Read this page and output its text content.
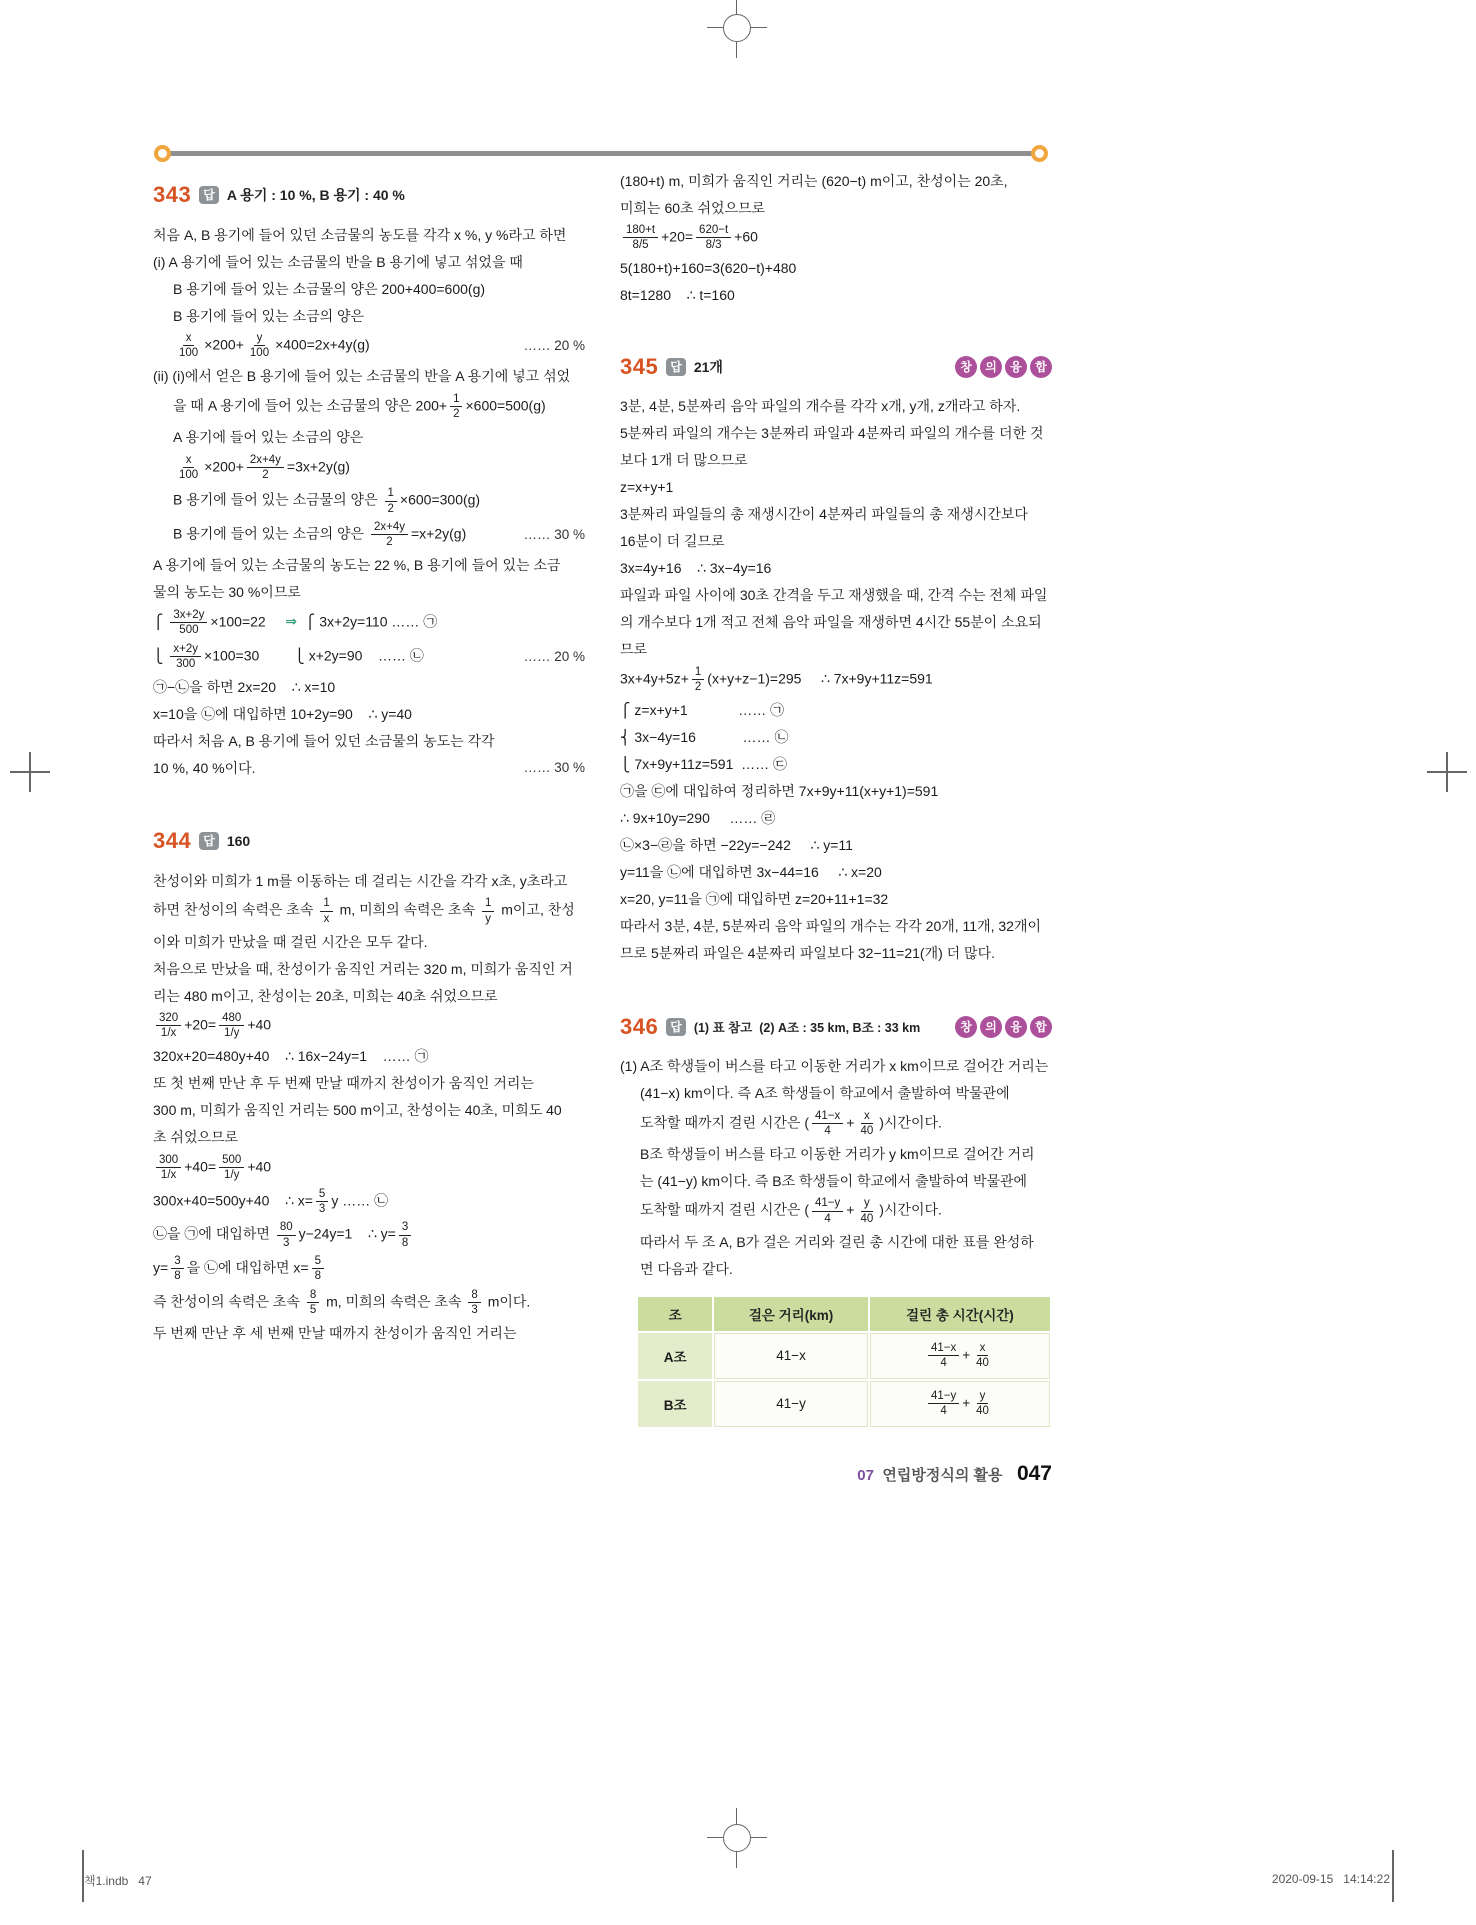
343	답 A 용기 : 10 %, B 용기 : 40 %
처음 A, B 용기에 들어 있던 소금물의 농도를 각각 x %, y %라고 하면
(i) A 용기에 들어 있는 소금물의 반을 B 용기에 넣고 섞었을 때
B 용기에 들어 있는 소금물의 양은 200+400=600(g)
B 용기에 들어 있는 소금의 양은
$\frac{x}{100} \times 200+ \frac{y}{100} \times 400=2x+4y(g)$	…… 20 %
(ii) (i)에서 얻은 B 용기에 들어 있는 소금물의 반을 A 용기에 넣고 섞었
을 때 A 용기에 들어 있는 소금물의 양은 $200+ \frac{1}{2} \times 600=500(g)$
A 용기에 들어 있는 소금의 양은
$\frac{x}{100} \times 200+ \frac{2x+4y}{2} =3x+2y(g)$
B 용기에 들어 있는 소금물의 양은 $\frac{1}{2} \times 600=300(g)$
B 용기에 들어 있는 소금의 양은 $\frac{2x+4y}{2} =x+2y(g)$	…… 30 %
A 용기에 들어 있는 소금물의 농도는 22 %, B 용기에 들어 있는 소금
물의 농도는 30 %이므로
⎧ $\frac{3x+2y}{500} \times 100=22$    ⇒ ⎧ 3x+2y=110 …… ㉠
⎩ $\frac{x+2y}{300} \times 100=30$         ⎩ x+2y=90    …… ㉡	…… 20 %
㉠−㉡을 하면 2x=20    ∴ x=10
x=10을 ㉡에 대입하면 10+2y=90    ∴ y=40
따라서 처음 A, B 용기에 들어 있던 소금물의 농도는 각각
10 %, 40 %이다.	…… 30 %
344	답 160
찬성이와 미희가 1 m를 이동하는 데 걸리는 시간을 각각 x초, y초라고
하면 찬성이의 속력은 초속 $\frac{1}{x} m$, 미희의 속력은 초속 $\frac{1}{y}$ m이고, 찬성
이와 미희가 만났을 때 걸린 시간은 모두 같다.
처음으로 만났을 때, 찬성이가 움직인 거리는 320 m, 미희가 움직인 거
리는 480 m이고, 찬성이는 20초, 미희는 40초 쉬었으므로
$\frac{320}{1/x} +20= \frac{480}{1/y} +40$
320x+20=480y+40    ∴ 16x−24y=1    …… ㉠
또 첫 번째 만난 후 두 번째 만날 때까지 찬성이가 움직인 거리는
300 m, 미희가 움직인 거리는 500 m이고, 찬성이는 40초, 미희도 40
초 쉬었으므로
$\frac{300}{1/x} +40= \frac{500}{1/y} +40$
300x+40=500y+40    ∴ $x= \frac{5}{3}$ y …… ㉡
㉡을 ㉠에 대입하면 $\frac{80}{3} y-24y=1$    ∴ $y= \frac{3}{8}$
$y= \frac{3}{8}$ 을 ㉡에 대입하면 $x= \frac{5}{8}$
즉 찬성이의 속력은 초속 $\frac{8}{5} m$, 미희의 속력은 초속 $\frac{8}{3}$ m이다.
두 번째 만난 후 세 번째 만날 때까지 찬성이가 움직인 거리는
(180+t) m, 미희가 움직인 거리는 (620−t) m이고, 찬성이는 20초,
미희는 60초 쉬었으므로
$\frac{180+t}{8/5} +20= \frac{620-t}{8/3} +60$
5(180+t)+160=3(620−t)+480
8t=1280    ∴ t=160
345	답 21개	창	의	융	합
3분, 4분, 5분짜리 음악 파일의 개수를 각각 x개, y개, z개라고 하자.
5분짜리 파일의 개수는 3분짜리 파일과 4분짜리 파일의 개수를 더한 것
보다 1개 더 많으므로
z=x+y+1
3분짜리 파일들의 총 재생시간이 4분짜리 파일들의 총 재생시간보다
16분이 더 길므로
3x=4y+16    ∴ 3x−4y=16
파일과 파일 사이에 30초 간격을 두고 재생했을 때, 간격 수는 전체 파일
의 개수보다 1개 적고 전체 음악 파일을 재생하면 4시간 55분이 소요되
므로
$3x+4y+5z+ \frac{1}{2} (x+y+z-1)=295$     ∴ 7x+9y+11z=591
⎧ z=x+y+1             …… ㉠
⎨ 3x−4y=16            …… ㉡
⎩ 7x+9y+11z=591  …… ㉢
㉠을 ㉢에 대입하여 정리하면 7x+9y+11(x+y+1)=591
∴ 9x+10y=290     …… ㉣
㉡×3−㉣을 하면 −22y=−242     ∴ y=11
y=11을 ㉡에 대입하면 3x−44=16     ∴ x=20
x=20, y=11을 ㉠에 대입하면 z=20+11+1=32
따라서 3분, 4분, 5분짜리 음악 파일의 개수는 각각 20개, 11개, 32개이
므로 5분짜리 파일은 4분짜리 파일보다 32−11=21(개) 더 많다.
346	답 (1) 표 참고  (2) A조 : 35 km, B조 : 33 km	창	의	융	합
(1) A조 학생들이 버스를 타고 이동한 거리가 x km이므로 걸어간 거리는
(41−x) km이다. 즉 A조 학생들이 학교에서 출발하여 박물관에
도착할 때까지 걸린 시간은 ( $\frac{41-x}{4} + \frac{x}{40}$ )시간이다.
B조 학생들이 버스를 타고 이동한 거리가 y km이므로 걸어간 거리
는 (41−y) km이다. 즉 B조 학생들이 학교에서 출발하여 박물관에
도착할 때까지 걸린 시간은 ( $\frac{41-y}{4} + \frac{y}{40}$ )시간이다.
따라서 두 조 A, B가 걸은 거리와 걸린 총 시간에 대한 표를 완성하
면 다음과 같다.
조	걸은 거리(km)	걸린 총 시간(시간)
A조	41−x	$\frac{41-x}{4} + \frac{x}{40}$

B조	41−y	$\frac{41-y}{4} + \frac{y}{40}$
07 연립방정식의 활용 047
책1.indb   47	2020-09-15   14:14:22
